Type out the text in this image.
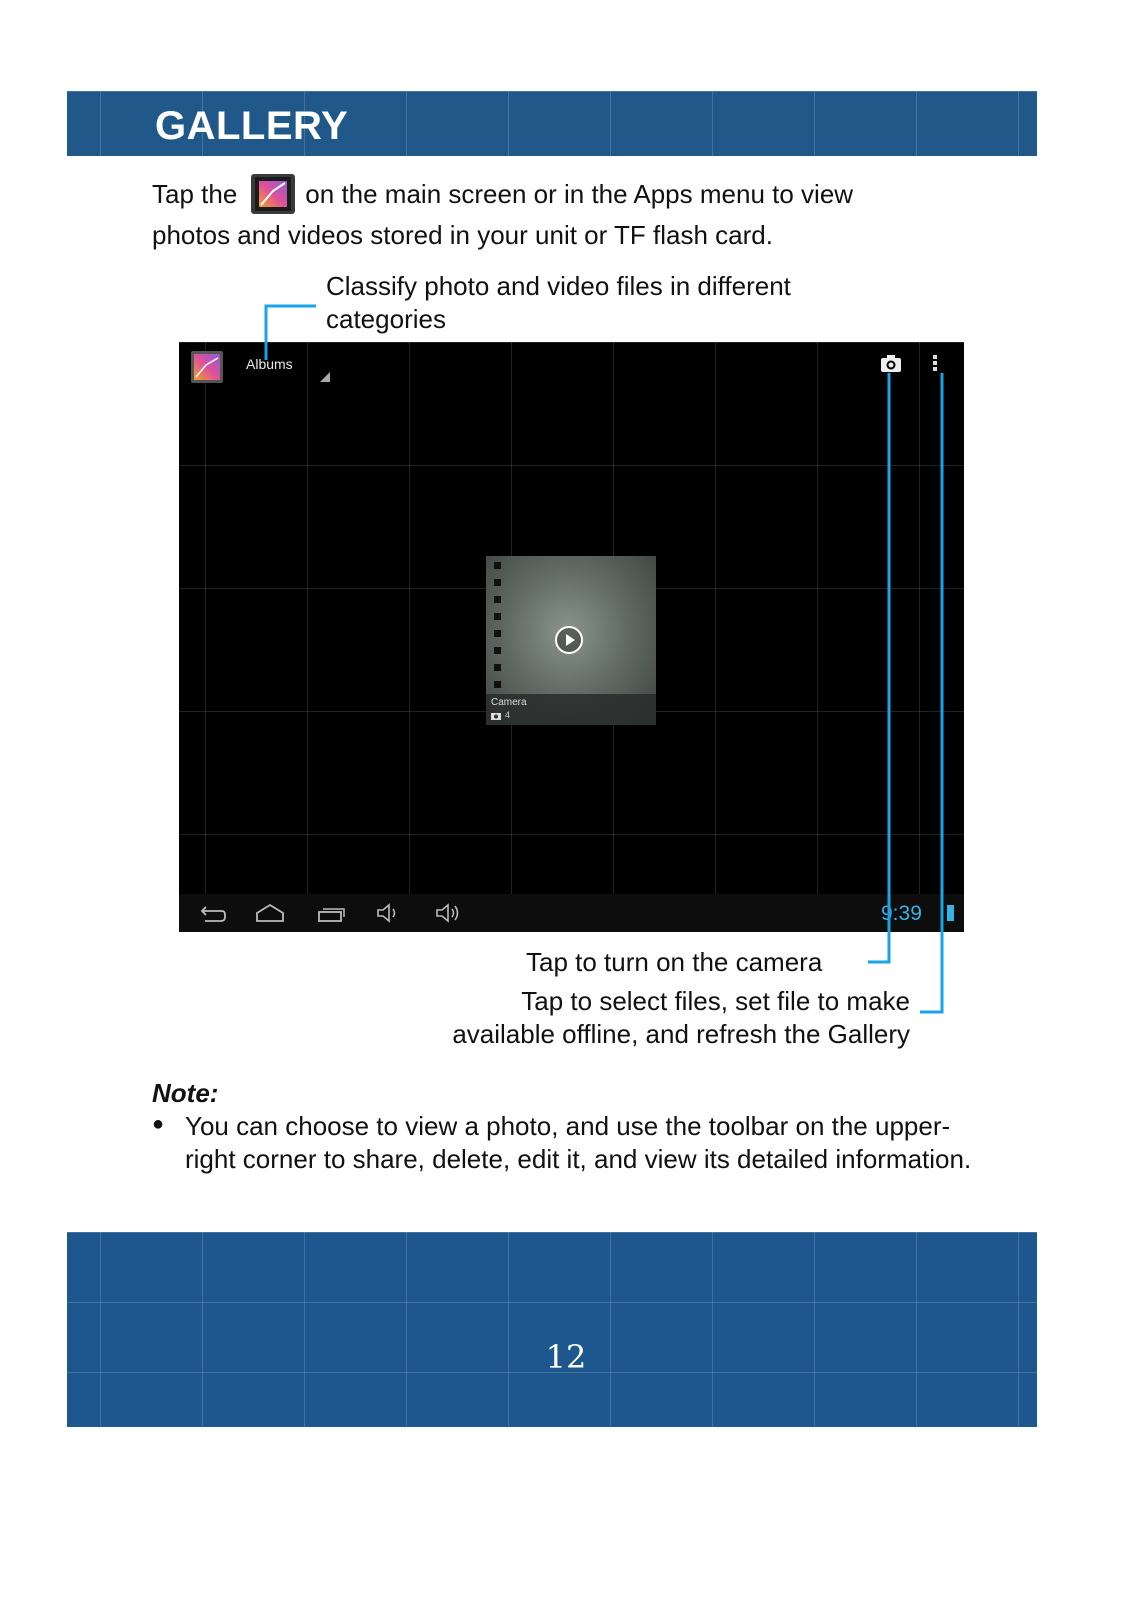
GALLERY
Tap the	on the main screen or in the Apps menu to view
photos and videos stored in your unit or TF flash card.
Classify photo and video files in different
categories
Albums
Camera
4
9:39
Tap to turn on the camera
Tap to select files, set file to make
available offline, and refresh the Gallery
Note:
● You can choose to view a photo, and use the toolbar on the upper-right corner to share, delete, edit it, and view its detailed information.
12
